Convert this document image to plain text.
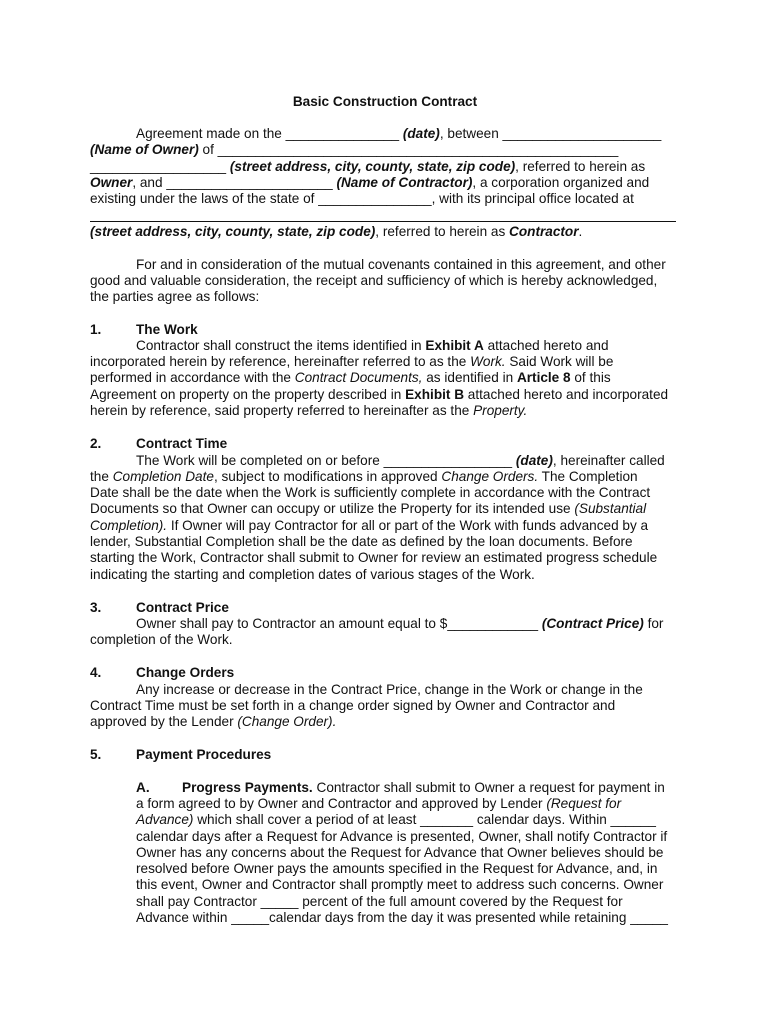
Basic Construction Contract
Agreement made on the _______________ (date), between _____________________
(Name of Owner) of _____________________________________________________
__________________ (street address, city, county, state, zip code), referred to herein as
Owner, and ______________________ (Name of Contractor), a corporation organized and
existing under the laws of the state of _______________, with its principal office located at
(street address, city, county, state, zip code), referred to herein as Contractor.
For and in consideration of the mutual covenants contained in this agreement, and other
good and valuable consideration, the receipt and sufficiency of which is hereby acknowledged,
the parties agree as follows:
1.	The Work
Contractor shall construct the items identified in Exhibit A attached hereto and
incorporated herein by reference, hereinafter referred to as the Work. Said Work will be
performed in accordance with the Contract Documents, as identified in Article 8 of this
Agreement on property on the property described in Exhibit B attached hereto and incorporated
herein by reference, said property referred to hereinafter as the Property.
2.	Contract Time
The Work will be completed on or before _________________ (date), hereinafter called
the Completion Date, subject to modifications in approved Change Orders. The Completion
Date shall be the date when the Work is sufficiently complete in accordance with the Contract
Documents so that Owner can occupy or utilize the Property for its intended use (Substantial
Completion). If Owner will pay Contractor for all or part of the Work with funds advanced by a
lender, Substantial Completion shall be the date as defined by the loan documents. Before
starting the Work, Contractor shall submit to Owner for review an estimated progress schedule
indicating the starting and completion dates of various stages of the Work.
3.	Contract Price
Owner shall pay to Contractor an amount equal to $____________ (Contract Price) for
completion of the Work.
4.	Change Orders
Any increase or decrease in the Contract Price, change in the Work or change in the
Contract Time must be set forth in a change order signed by Owner and Contractor and
approved by the Lender (Change Order).
5.	Payment Procedures
A. Progress Payments. Contractor shall submit to Owner a request for payment in
a form agreed to by Owner and Contractor and approved by Lender (Request for
Advance) which shall cover a period of at least _______ calendar days. Within ______
calendar days after a Request for Advance is presented, Owner, shall notify Contractor if
Owner has any concerns about the Request for Advance that Owner believes should be
resolved before Owner pays the amounts specified in the Request for Advance, and, in
this event, Owner and Contractor shall promptly meet to address such concerns. Owner
shall pay Contractor _____ percent of the full amount covered by the Request for
Advance within _____calendar days from the day it was presented while retaining _____
